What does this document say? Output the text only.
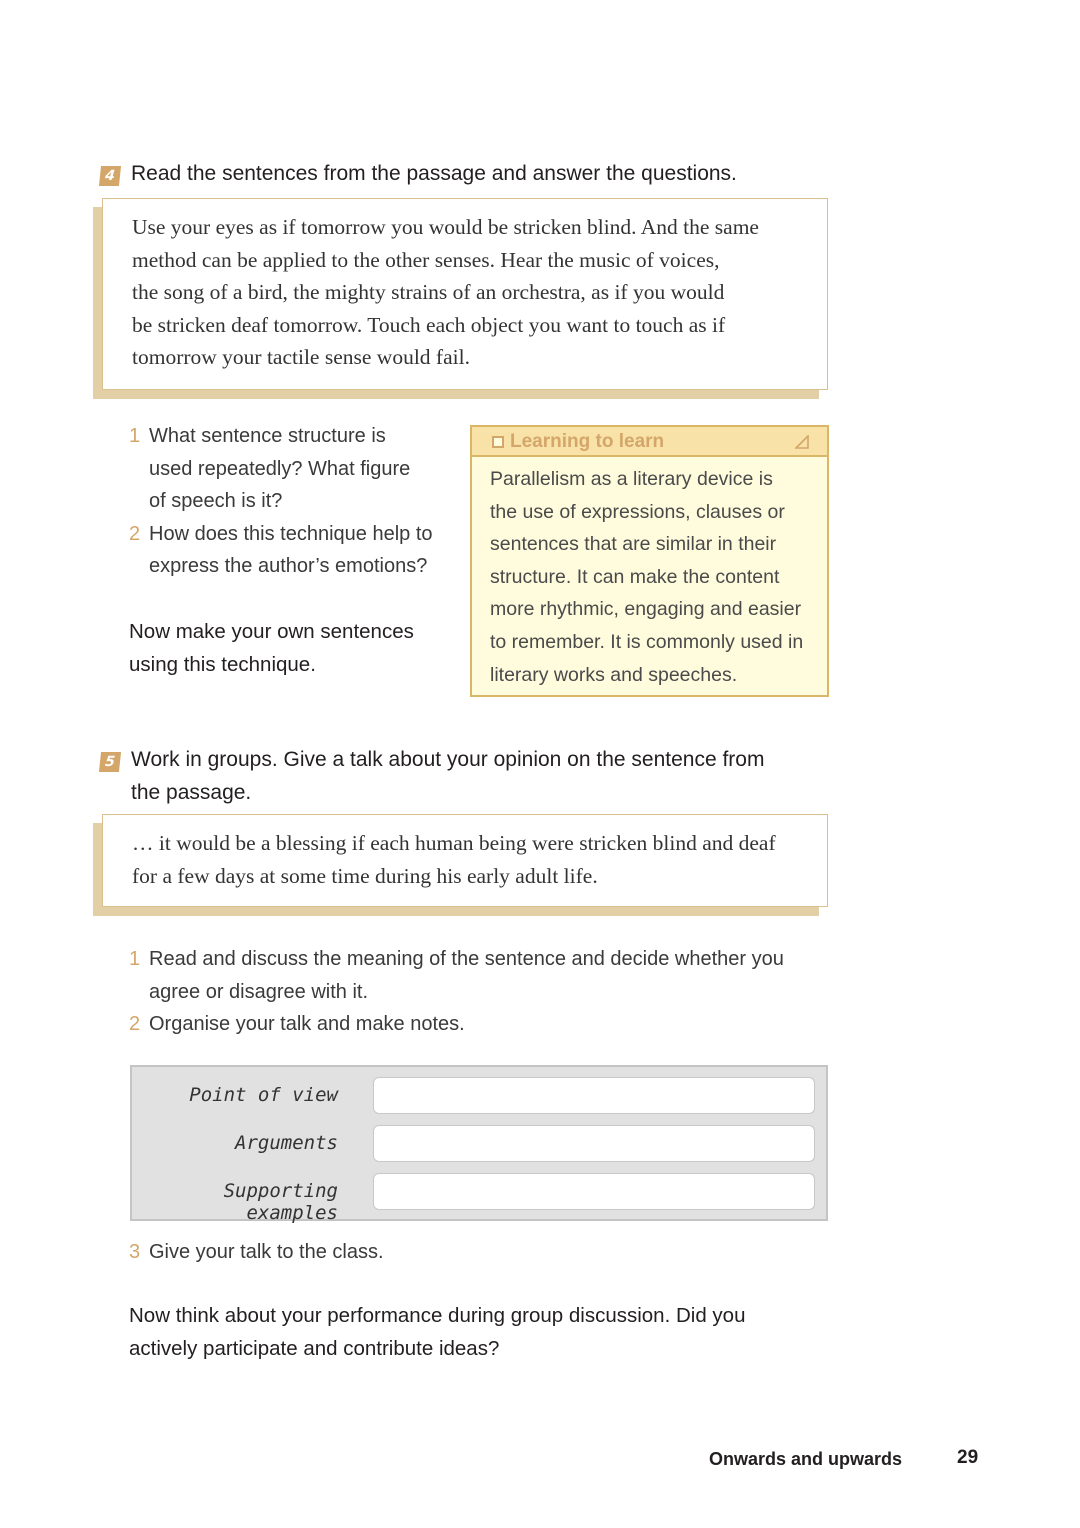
4 Read the sentences from the passage and answer the questions.
Use your eyes as if tomorrow you would be stricken blind. And the same
method can be applied to the other senses. Hear the music of voices,
the song of a bird, the mighty strains of an orchestra, as if you would
be stricken deaf tomorrow. Touch each object you want to touch as if
tomorrow your tactile sense would fail.
1 What sentence structure is
used repeatedly? What figure
of speech is it?
2 How does this technique help to
express the author’s emotions?
Now make your own sentences
using this technique.
Learning to learn
Parallelism as a literary device is
the use of expressions, clauses or
sentences that are similar in their
structure. It can make the content
more rhythmic, engaging and easier
to remember. It is commonly used in
literary works and speeches.
5 Work in groups. Give a talk about your opinion on the sentence from
the passage.
… it would be a blessing if each human being were stricken blind and deaf
for a few days at some time during his early adult life.
1 Read and discuss the meaning of the sentence and decide whether you
agree or disagree with it.
2 Organise your talk and make notes.
Point of view
Arguments
Supporting examples
3 Give your talk to the class.
Now think about your performance during group discussion. Did you
actively participate and contribute ideas?
Onwards and upwards	29
